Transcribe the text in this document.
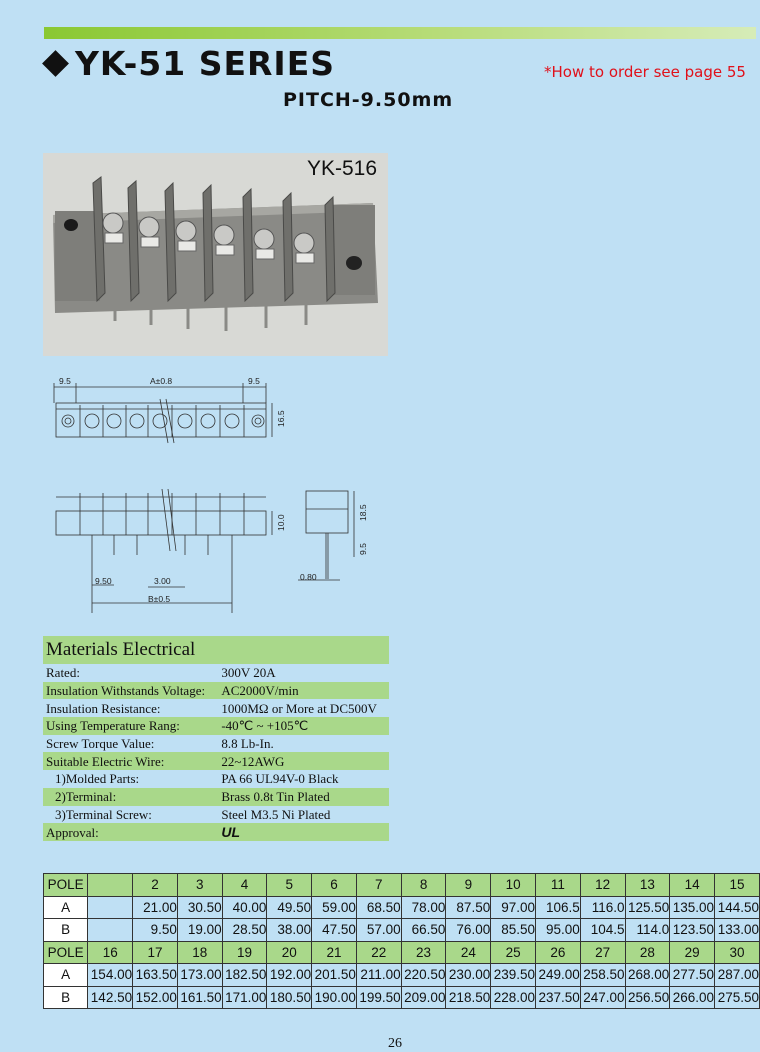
YK-51 SERIES	*How to order see page 55
PITCH-9.50mm
YK-516
9.5	A±0.8	9.5
16.5
10.0
18.5
9.5
0.80
9.50	3.00
B±0.5
Materials Electrical	
Rated:	300V 20A
Insulation Withstands Voltage:	AC2000V/min
Insulation Resistance:	1000MΩ or More at DC500V
Using Temperature Rang:	-40℃ ~ +105℃
Screw Torque Value:	8.8 Lb-In.
Suitable Electric Wire:	22~12AWG
1)Molded Parts:	PA 66 UL94V-0 Black
2)Terminal:	Brass 0.8t Tin Plated
3)Terminal Screw:	Steel M3.5 Ni Plated
Approval:	UL
POLE		2	3	4	5	6	7	8	9	10	11	12	13	14	15
A		21.00	30.50	40.00	49.50	59.00	68.50	78.00	87.50	97.00	106.5	116.0	125.50	135.00	144.50
B		9.50	19.00	28.50	38.00	47.50	57.00	66.50	76.00	85.50	95.00	104.5	114.0	123.50	133.00
POLE	16	17	18	19	20	21	22	23	24	25	26	27	28	29	30
A	154.00	163.50	173.00	182.50	192.00	201.50	211.00	220.50	230.00	239.50	249.00	258.50	268.00	277.50	287.00
B	142.50	152.00	161.50	171.00	180.50	190.00	199.50	209.00	218.50	228.00	237.50	247.00	256.50	266.00	275.50
26
